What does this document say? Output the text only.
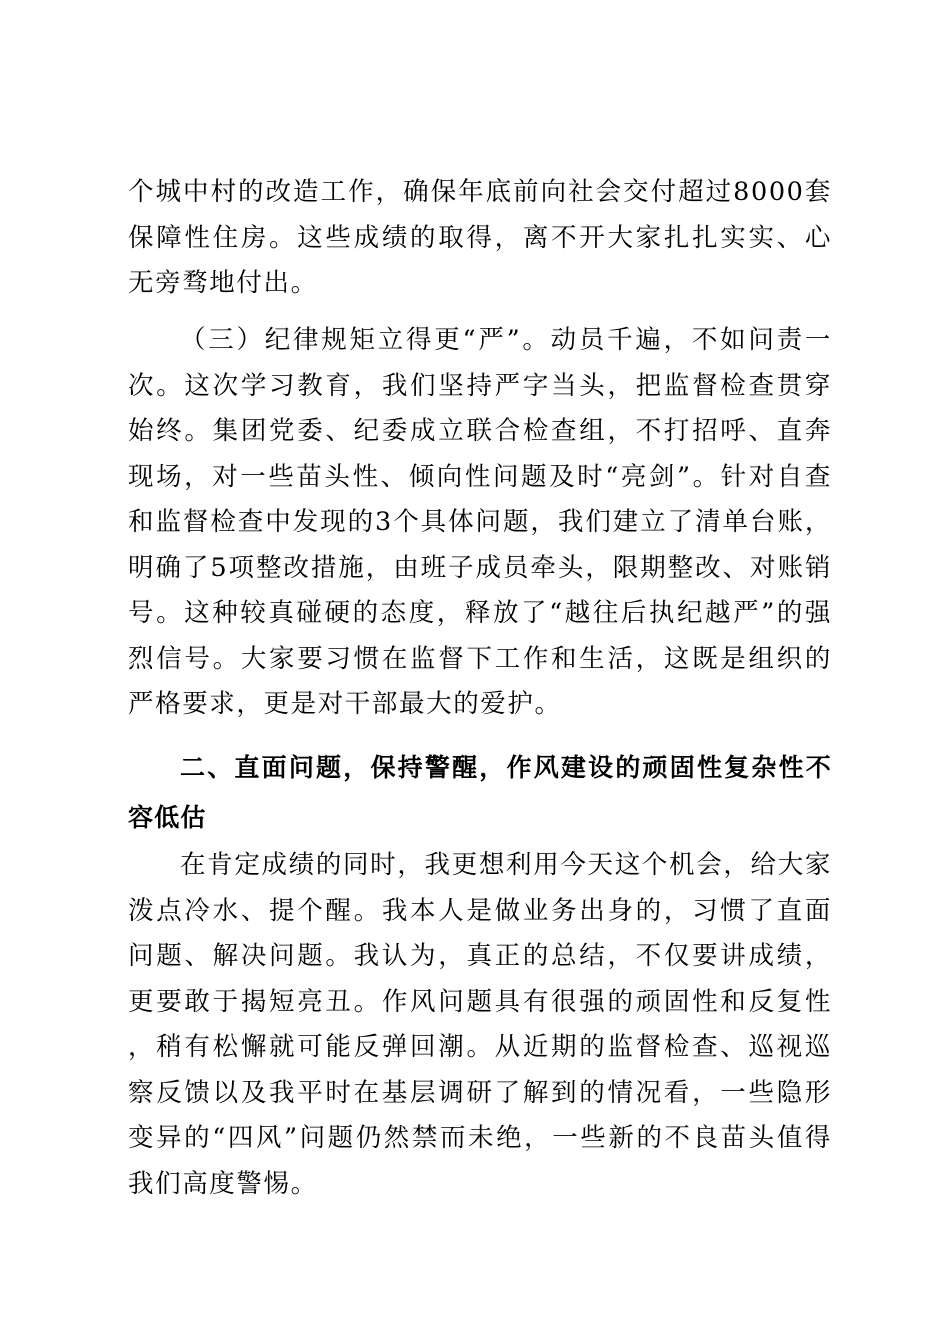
个城中村的改造工作，确保年底前向社会交付超过8000套保障性住房。这些成绩的取得，离不开大家扎扎实实、心无旁骛地付出。

（三）纪律规矩立得更“严”。动员千遍，不如问责一次。这次学习教育，我们坚持严字当头，把监督检查贯穿始终。集团党委、纪委成立联合检查组，不打招呼、直奔现场，对一些苗头性、倾向性问题及时“亮剑”。针对自查和监督检查中发现的3个具体问题，我们建立了清单台账，明确了5项整改措施，由班子成员牵头，限期整改、对账销号。这种较真碰硬的态度，释放了“越往后执纪越严”的强烈信号。大家要习惯在监督下工作和生活，这既是组织的严格要求，更是对干部最大的爱护。

二、直面问题，保持警醒，作风建设的顽固性复杂性不容低估

在肯定成绩的同时，我更想利用今天这个机会，给大家泼点冷水、提个醒。我本人是做业务出身的，习惯了直面问题、解决问题。我认为，真正的总结，不仅要讲成绩，更要敢于揭短亮丑。作风问题具有很强的顽固性和反复性，稍有松懈就可能反弹回潮。从近期的监督检查、巡视巡察反馈以及我平时在基层调研了解到的情况看，一些隐形变异的“四风”问题仍然禁而未绝，一些新的不良苗头值得我们高度警惕。
